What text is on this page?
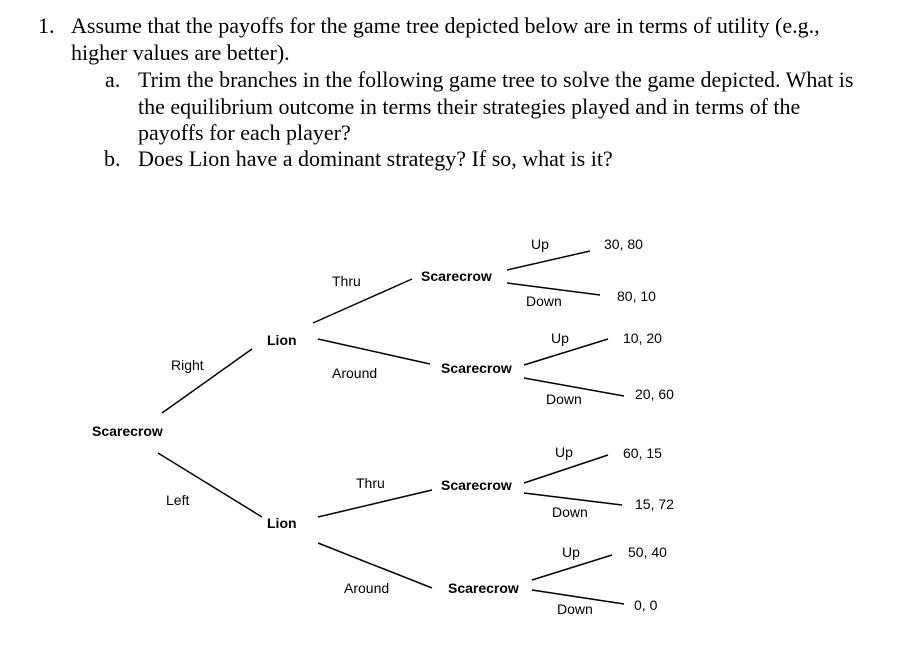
1. Assume that the payoffs for the game tree depicted below are in terms of utility (e.g.,
higher values are better).
a. Trim the branches in the following game tree to solve the game depicted. What is
the equilibrium outcome in terms their strategies played and in terms of the
payoffs for each player?
b. Does Lion have a dominant strategy? If so, what is it?
Scarecrow
Lion
Lion
Scarecrow
Scarecrow
Scarecrow
Scarecrow
Right
Left
Thru
Around
Thru
Around
Up
Down
Up
Down
Up
Down
Up
Down
30, 80
80, 10
10, 20
20, 60
60, 15
15, 72
50, 40
0, 0
